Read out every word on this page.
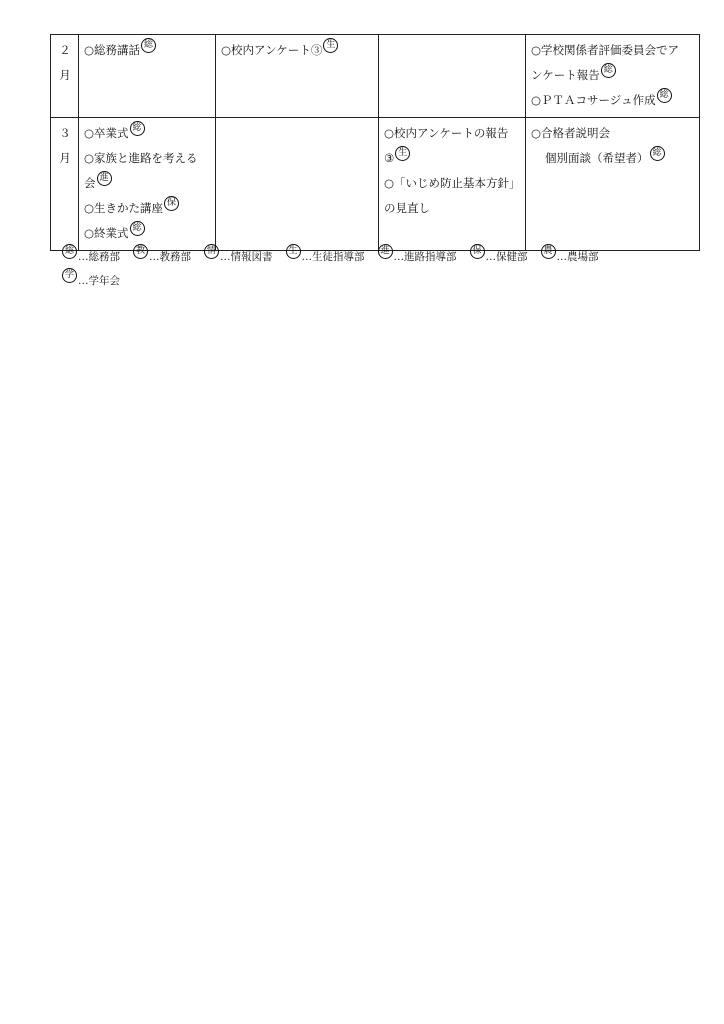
２
月	○総務講話 総	○校内アンケート③ 生		○学校関係者評価委員会でア
ンケート報告 総
○ＰＴＡコサージュ作成 総

３
月	○卒業式 総
○家族と進路を考える
会 進
○生きかた講座 保
○終業式 総		○校内アンケートの報告
③ 生
○「いじめ防止基本方針」
の見直し	○合格者説明会
個別面談（希望者） 総
総 …総務部 教 …教務部 情 …情報図書 生 …生徒指導部 進 …進路指導部 保 …保健部 農 …農場部学 …学年会
